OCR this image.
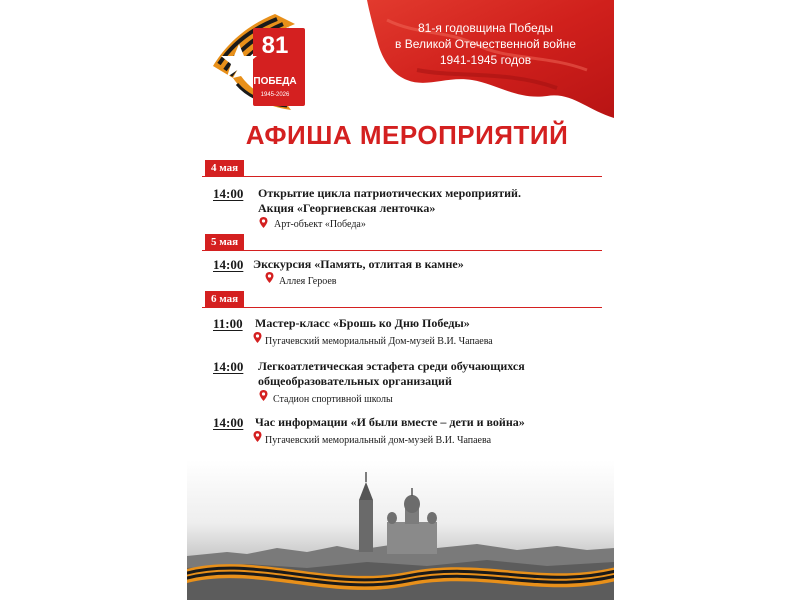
81-я годовщина Победы
в Великой Отечественной войне
1941-1945 годов
81
ПОБЕДА
1945-2026
АФИША МЕРОПРИЯТИЙ
4 мая
14:00 Открытие цикла патриотических мероприятий.
Акция «Георгиевская ленточка»
Арт-объект «Победа»
5 мая
14:00 Экскурсия «Память, отлитая в камне»
Аллея Героев
6 мая
11:00 Мастер-класс «Брошь ко Дню Победы»
Пугачевский мемориальный Дом-музей В.И. Чапаева
14:00 Легкоатлетическая эстафета среди обучающихся
общеобразовательных организаций
Стадион спортивной школы
14:00 Час информации «И были вместе – дети и война»
Пугачевский мемориальный дом-музей В.И. Чапаева
